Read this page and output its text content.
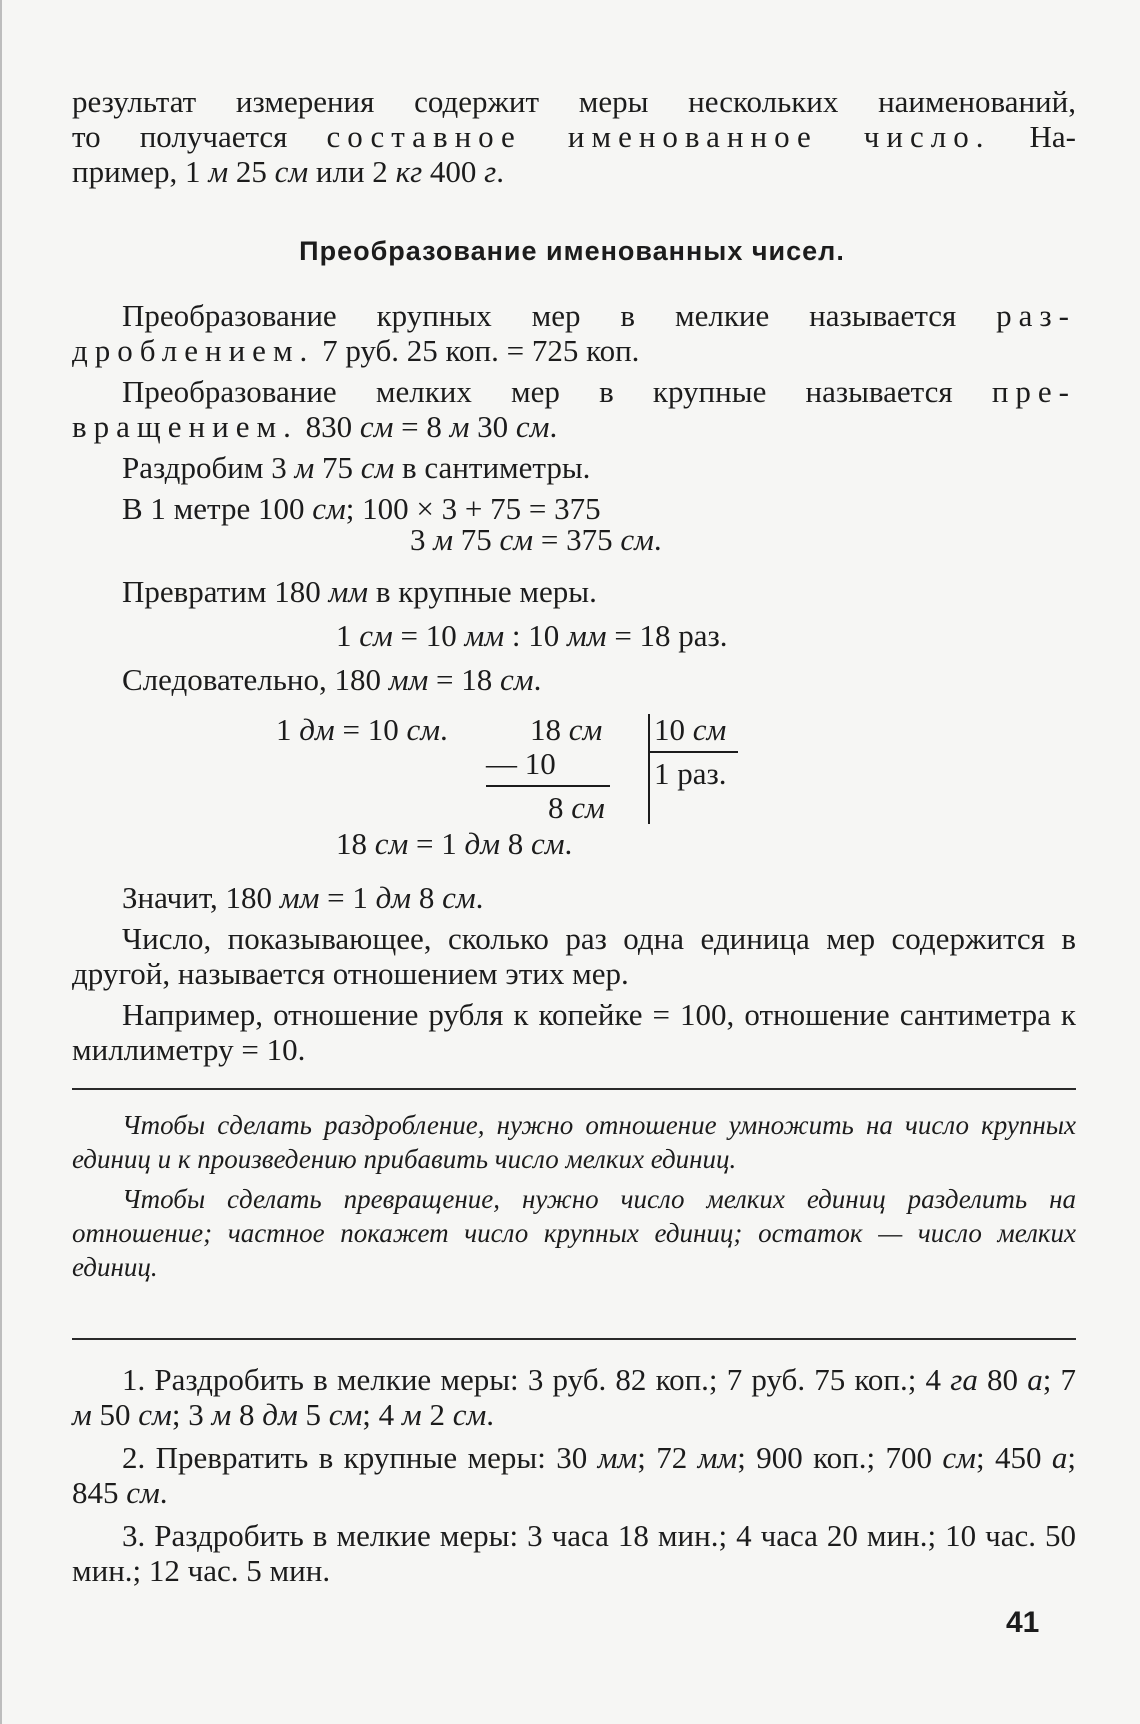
результат измерения содержит меры нескольких наименований,

то получается составное именованное число. На-

пример, 1 м 25 см или 2 кг 400 г.

Преобразование именованных чисел.

Преобразование крупных мер в мелкие называется раз-

дроблением. 7 руб. 25 коп. = 725 коп.

Преобразование мелких мер в крупные называется пре-

вращением. 830 см = 8 м 30 см.

Раздробим 3 м 75 см в сантиметры.

В 1 метре 100 см; 100 × 3 + 75 = 375

3 м 75 см = 375 см.
Превратим 180 мм в крупные меры.
1 см = 10 мм : 10 мм = 18 раз.
Следовательно, 180 мм = 18 см.
1 дм = 10 см.	18 см
— 10
8 см
10 см
1 раз.
18 см = 1 дм 8 см.

Значит, 180 мм = 1 дм 8 см.

Число, показывающее, сколько раз одна единица мер содержится в другой, называется отношением этих мер.

Например, отношение рубля к копейке = 100, отношение сантиметра к миллиметру = 10.

Чтобы сделать раздробление, нужно отношение умножить на число крупных единиц и к произведению прибавить число мелких единиц.

Чтобы сделать превращение, нужно число мелких единиц разделить на отношение; частное покажет число крупных единиц; остаток — число мелких единиц.

1. Раздробить в мелкие меры: 3 руб. 82 коп.; 7 руб. 75 коп.; 4 га 80 а; 7 м 50 см; 3 м 8 дм 5 см; 4 м 2 см.

2. Превратить в крупные меры: 30 мм; 72 мм; 900 коп.; 700 см; 450 а; 845 см.

3. Раздробить в мелкие меры: 3 часа 18 мин.; 4 часа 20 мин.; 10 час. 50 мин.; 12 час. 5 мин.

41
